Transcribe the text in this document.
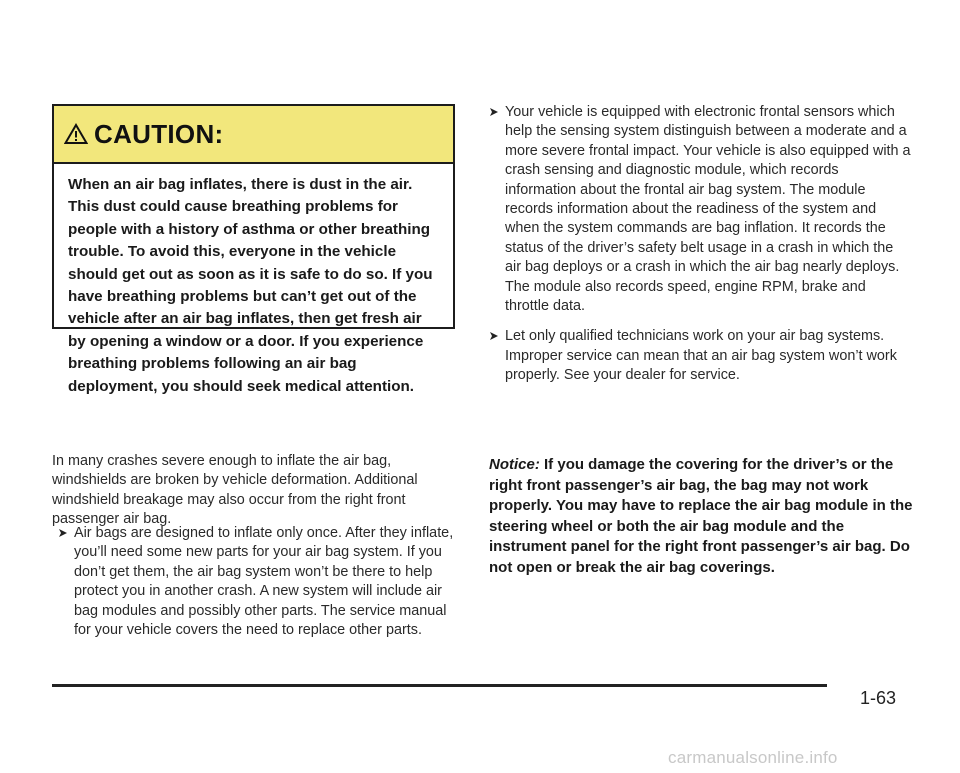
CAUTION:
When an air bag inflates, there is dust in the air. This dust could cause breathing problems for people with a history of asthma or other breathing trouble. To avoid this, everyone in the vehicle should get out as soon as it is safe to do so. If you have breathing problems but can’t get out of the vehicle after an air bag inflates, then get fresh air by opening a window or a door. If you experience breathing problems following an air bag deployment, you should seek medical attention.
In many crashes severe enough to inflate the air bag, windshields are broken by vehicle deformation. Additional windshield breakage may also occur from the right front passenger air bag.
Air bags are designed to inflate only once. After they inflate, you’ll need some new parts for your air bag system. If you don’t get them, the air bag system won’t be there to help protect you in another crash. A new system will include air bag modules and possibly other parts. The service manual for your vehicle covers the need to replace other parts.
Your vehicle is equipped with electronic frontal sensors which help the sensing system distinguish between a moderate and a more severe frontal impact. Your vehicle is also equipped with a crash sensing and diagnostic module, which records information about the frontal air bag system. The module records information about the readiness of the system and when the system commands are bag inflation. It records the status of the driver’s safety belt usage in a crash in which the air bag deploys or a crash in which the air bag nearly deploys. The module also records speed, engine RPM, brake and throttle data.
Let only qualified technicians work on your air bag systems. Improper service can mean that an air bag system won’t work properly. See your dealer for service.
Notice: If you damage the covering for the driver’s or the right front passenger’s air bag, the bag may not work properly. You may have to replace the air bag module in the steering wheel or both the air bag module and the instrument panel for the right front passenger’s air bag. Do not open or break the air bag coverings.
1-63
carmanualsonline.info
